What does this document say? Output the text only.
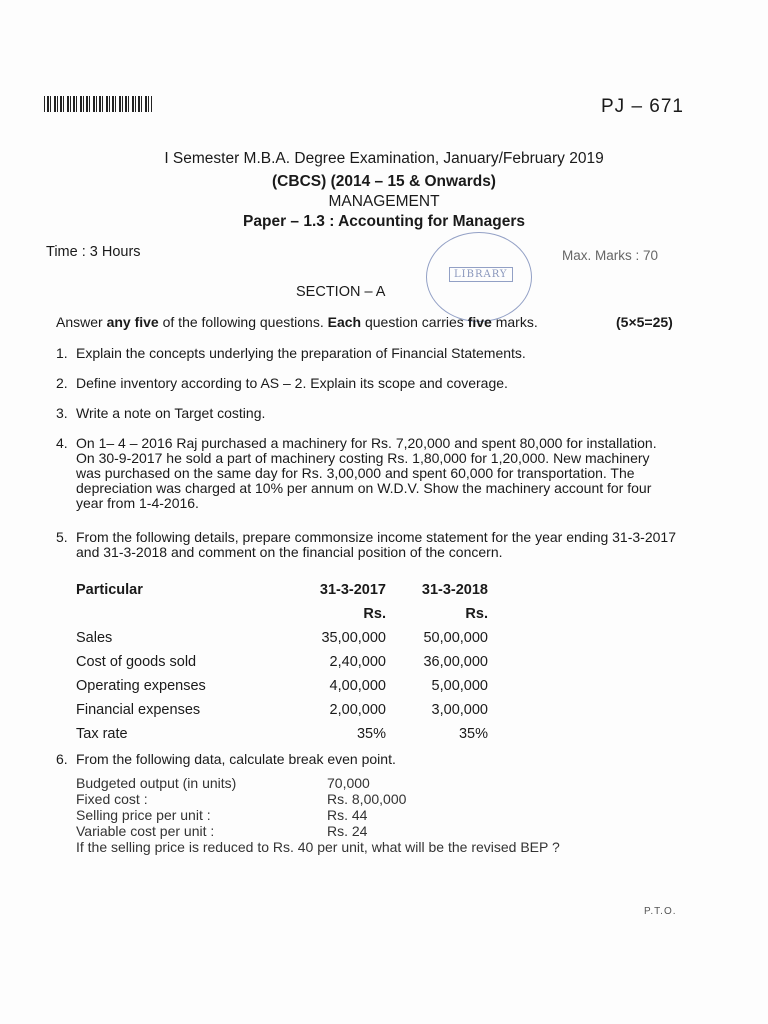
PJ – 671
I Semester M.B.A. Degree Examination, January/February 2019
(CBCS) (2014 – 15 & Onwards)
MANAGEMENT
Paper – 1.3 : Accounting for Managers
Time : 3 Hours	Max. Marks : 70
LIBRARY
SECTION – A
Answer any five of the following questions. Each question carries five marks.	(5×5=25)
1. Explain the concepts underlying the preparation of Financial Statements.
2. Define inventory according to AS – 2. Explain its scope and coverage.
3. Write a note on Target costing.
4. On 1– 4 – 2016 Raj purchased a machinery for Rs. 7,20,000 and spent 80,000 for installation. On 30-9-2017 he sold a part of machinery costing Rs. 1,80,000 for 1,20,000. New machinery was purchased on the same day for Rs. 3,00,000 and spent 60,000 for transportation. The depreciation was charged at 10% per annum on W.D.V. Show the machinery account for four year from 1-4-2016.
5. From the following details, prepare commonsize income statement for the year ending 31-3-2017 and 31-3-2018 and comment on the financial position of the concern.
Particular	31-3-2017	31-3-2018
	Rs.	Rs.
Sales	35,00,000	50,00,000
Cost of goods sold	2,40,000	36,00,000
Operating expenses	4,00,000	5,00,000
Financial expenses	2,00,000	3,00,000
Tax rate	35%	35%
6. From the following data, calculate break even point.
Budgeted output (in units)	70,000
Fixed cost :	Rs. 8,00,000
Selling price per unit :	Rs. 44
Variable cost per unit :	Rs. 24
If the selling price is reduced to Rs. 40 per unit, what will be the revised BEP ?
P.T.O.
